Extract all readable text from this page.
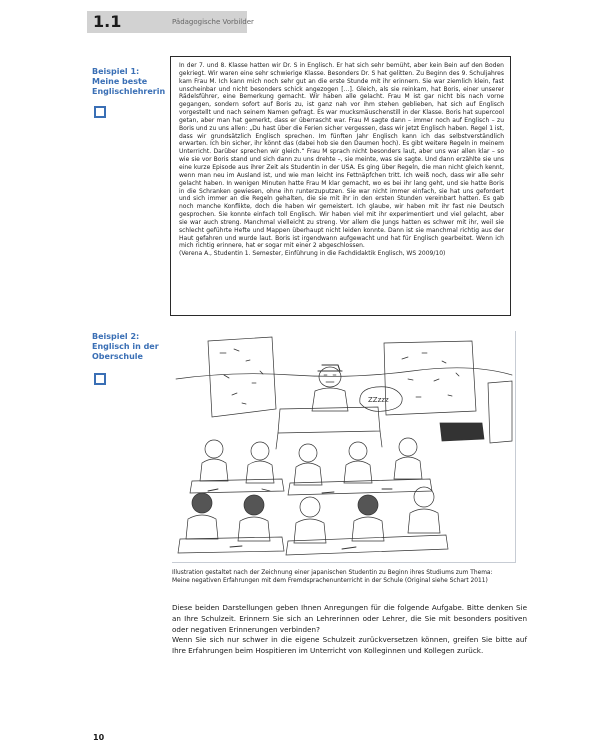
1.1	Pädagogische Vorbilder
Beispiel 1:
Meine beste
Englischlehrerin

In der 7. und 8. Klasse hatten wir Dr. S in Englisch. Er hat sich sehr bemüht, aber kein Bein auf den Boden gekriegt. Wir waren eine sehr schwierige Klasse. Besonders Dr. S hat gelitten. Zu Beginn des 9. Schuljahres kam Frau M. Ich kann mich noch sehr gut an die erste Stunde mit ihr erinnern. Sie war ziemlich klein, fast unscheinbar und nicht besonders schick angezogen […]. Gleich, als sie reinkam, hat Boris, einer unserer Rädelsführer, eine Bemerkung gemacht. Wir haben alle gelacht. Frau M ist gar nicht bis nach vorne gegangen, sondern sofort auf Boris zu, ist ganz nah vor ihm stehen geblieben, hat sich auf Englisch vorgestellt und nach seinem Namen gefragt. Es war mucksmäuschenstill in der Klasse. Boris hat supercool getan, aber man hat gemerkt, dass er überrascht war. Frau M sagte dann – immer noch auf Englisch – zu Boris und zu uns allen: „Du hast über die Ferien sicher vergessen, dass wir jetzt Englisch haben. Regel 1 ist, dass wir grundsätzlich Englisch sprechen. Im fünften Jahr Englisch kann ich das selbstverständlich erwarten. Ich bin sicher, ihr könnt das (dabei hob sie den Daumen hoch). Es gibt weitere Regeln in meinem Unterricht. Darüber sprechen wir gleich.“ Frau M sprach nicht besonders laut, aber uns war allen klar – so wie sie vor Boris stand und sich dann zu uns drehte –, sie meinte, was sie sagte. Und dann erzählte sie uns eine kurze Episode aus ihrer Zeit als Studentin in der USA. Es ging über Regeln, die man nicht gleich kennt, wenn man neu im Ausland ist, und wie man leicht ins Fettnäpfchen tritt. Ich weiß noch, dass wir alle sehr gelacht haben. In wenigen Minuten hatte Frau M klar gemacht, wo es bei ihr lang geht, und sie hatte Boris in die Schranken gewiesen, ohne ihn runterzuputzen. Sie war nicht immer einfach, sie hat uns gefordert und sich immer an die Regeln gehalten, die sie mit ihr in den ersten Stunden vereinbart hatten. Es gab noch manche Konflikte, doch die haben wir gemeistert. Ich glaube, wir haben mit ihr fast nie Deutsch gesprochen. Sie konnte einfach toll Englisch. Wir haben viel mit ihr experimentiert und viel gelacht, aber sie war auch streng. Manchmal vielleicht zu streng. Vor allem die Jungs hatten es schwer mit ihr, weil sie schlecht geführte Hefte und Mappen überhaupt nicht leiden konnte. Dann ist sie manchmal richtig aus der Haut gefahren und wurde laut. Boris ist irgendwann aufgewacht und hat für Englisch gearbeitet. Wenn ich mich richtig erinnere, hat er sogar mit einer 2 abgeschlossen.

(Verena A., Studentin 1. Semester, Einführung in die Fachdidaktik Englisch, WS 2009/10)

Beispiel 2:
Englisch in der
Oberschule
ZZzzz
Illustration gestaltet nach der Zeichnung einer japanischen Studentin zu Beginn ihres Studiums zum Thema:
Meine negativen Erfahrungen mit dem Fremdsprachenunterricht in der Schule (Original siehe Schart 2011)

Diese beiden Darstellungen geben Ihnen Anregungen für die folgende Aufgabe. Bitte denken Sie an Ihre Schulzeit. Erinnern Sie sich an Lehrerinnen oder Lehrer, die Sie mit besonders positiven oder negativen Erinnerungen verbinden?

Wenn Sie sich nur schwer in die eigene Schulzeit zurückversetzen können, greifen Sie bitte auf Ihre Erfahrungen beim Hospitieren im Unterricht von Kolleginnen und Kollegen zurück.

10
